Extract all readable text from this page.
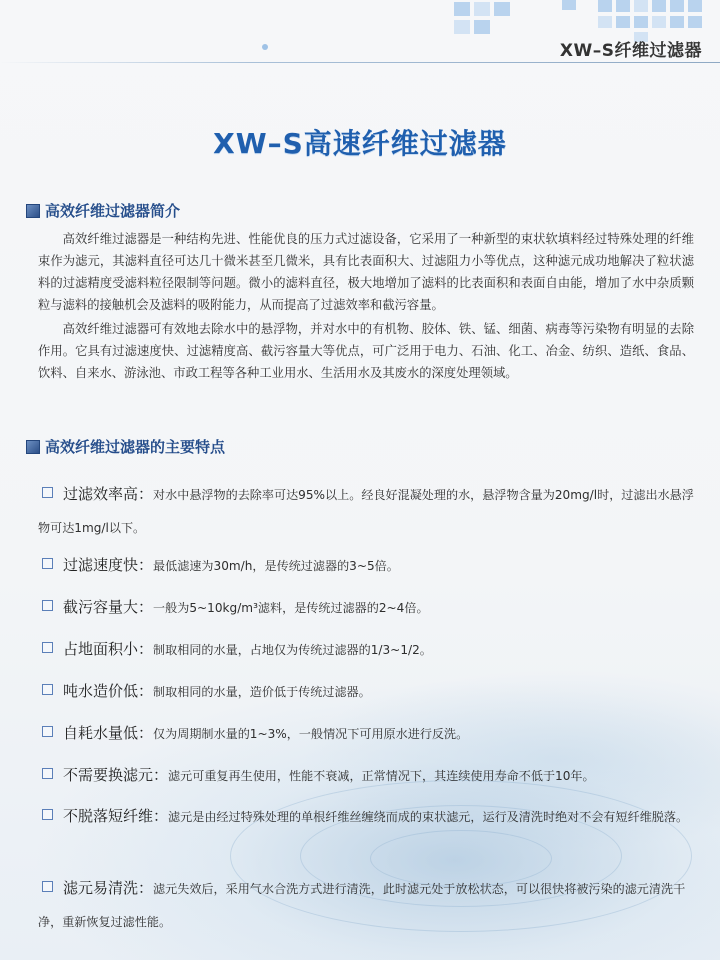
XW–S纤维过滤器
XW–S高速纤维过滤器
高效纤维过滤器简介

高效纤维过滤器是一种结构先进、性能优良的压力式过滤设备，它采用了一种新型的束状软填料经过特殊处理的纤维束作为滤元，其滤料直径可达几十微米甚至几微米，具有比表面积大、过滤阻力小等优点，这种滤元成功地解决了粒状滤料的过滤精度受滤料粒径限制等问题。微小的滤料直径，极大地增加了滤料的比表面积和表面自由能，增加了水中杂质颗粒与滤料的接触机会及滤料的吸附能力，从而提高了过滤效率和截污容量。

高效纤维过滤器可有效地去除水中的悬浮物，并对水中的有机物、胶体、铁、锰、细菌、病毒等污染物有明显的去除作用。它具有过滤速度快、过滤精度高、截污容量大等优点，可广泛用于电力、石油、化工、冶金、纺织、造纸、食品、饮料、自来水、游泳池、市政工程等各种工业用水、生活用水及其废水的深度处理领域。

高效纤维过滤器的主要特点

过滤效率高：对水中悬浮物的去除率可达95%以上。经良好混凝处理的水，悬浮物含量为20mg/l时，过滤出水悬浮物可达1mg/l以下。

过滤速度快：最低滤速为30m/h，是传统过滤器的3~5倍。

截污容量大：一般为5~10kg/m³滤料，是传统过滤器的2~4倍。

占地面积小：制取相同的水量，占地仅为传统过滤器的1/3~1/2。

吨水造价低：制取相同的水量，造价低于传统过滤器。

自耗水量低：仅为周期制水量的1~3%，一般情况下可用原水进行反洗。

不需要换滤元：滤元可重复再生使用，性能不衰减，正常情况下，其连续使用寿命不低于10年。

不脱落短纤维：滤元是由经过特殊处理的单根纤维丝缠绕而成的束状滤元，运行及清洗时绝对不会有短纤维脱落。

滤元易清洗：滤元失效后，采用气水合洗方式进行清洗，此时滤元处于放松状态，可以很快将被污染的滤元清洗干净，重新恢复过滤性能。
